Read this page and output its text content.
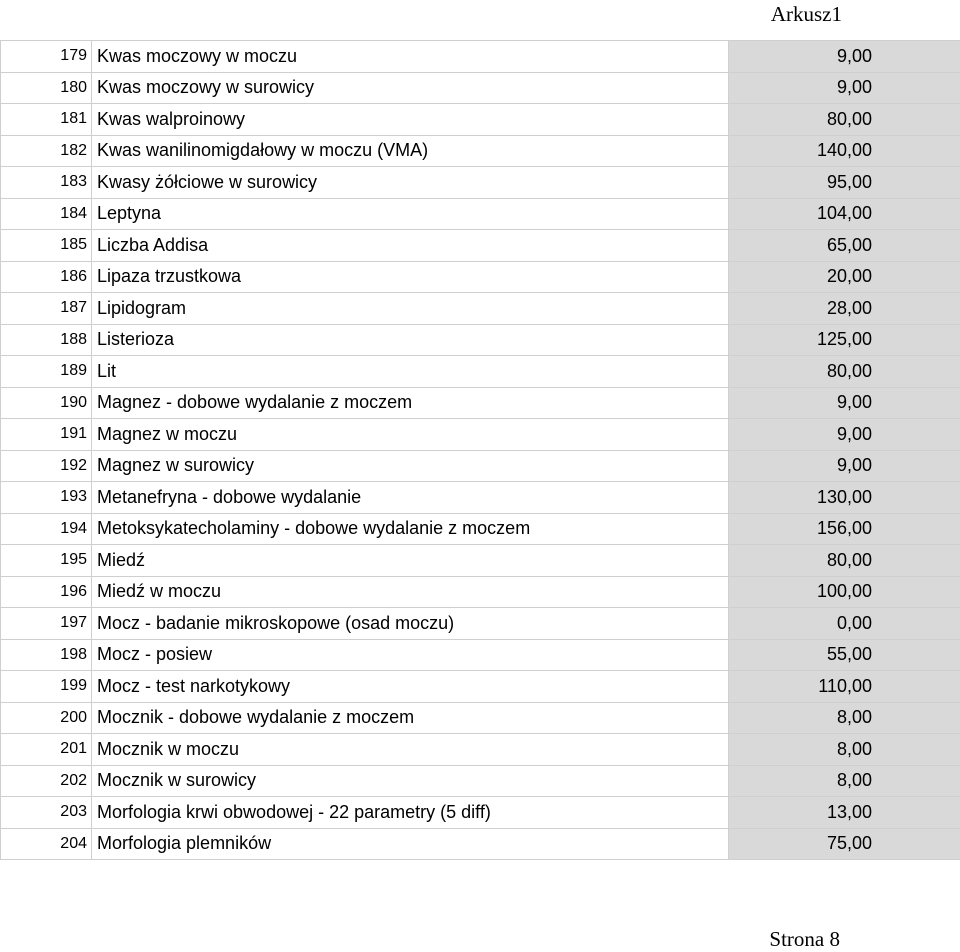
Arkusz1
179	Kwas moczowy w moczu	9,00
180	Kwas moczowy w surowicy	9,00
181	Kwas walproinowy	80,00
182	Kwas wanilinomigdałowy w moczu (VMA)	140,00
183	Kwasy żółciowe w surowicy	95,00
184	Leptyna	104,00
185	Liczba Addisa	65,00
186	Lipaza trzustkowa	20,00
187	Lipidogram	28,00
188	Listerioza	125,00
189	Lit	80,00
190	Magnez - dobowe wydalanie z moczem	9,00
191	Magnez w moczu	9,00
192	Magnez w surowicy	9,00
193	Metanefryna - dobowe wydalanie	130,00
194	Metoksykatecholaminy - dobowe wydalanie z moczem	156,00
195	Miedź	80,00
196	Miedź w moczu	100,00
197	Mocz - badanie mikroskopowe (osad moczu)	0,00
198	Mocz - posiew	55,00
199	Mocz - test narkotykowy	110,00
200	Mocznik - dobowe wydalanie z moczem	8,00
201	Mocznik w moczu	8,00
202	Mocznik w surowicy	8,00
203	Morfologia krwi obwodowej - 22 parametry (5 diff)	13,00
204	Morfologia plemników	75,00
Strona 8
